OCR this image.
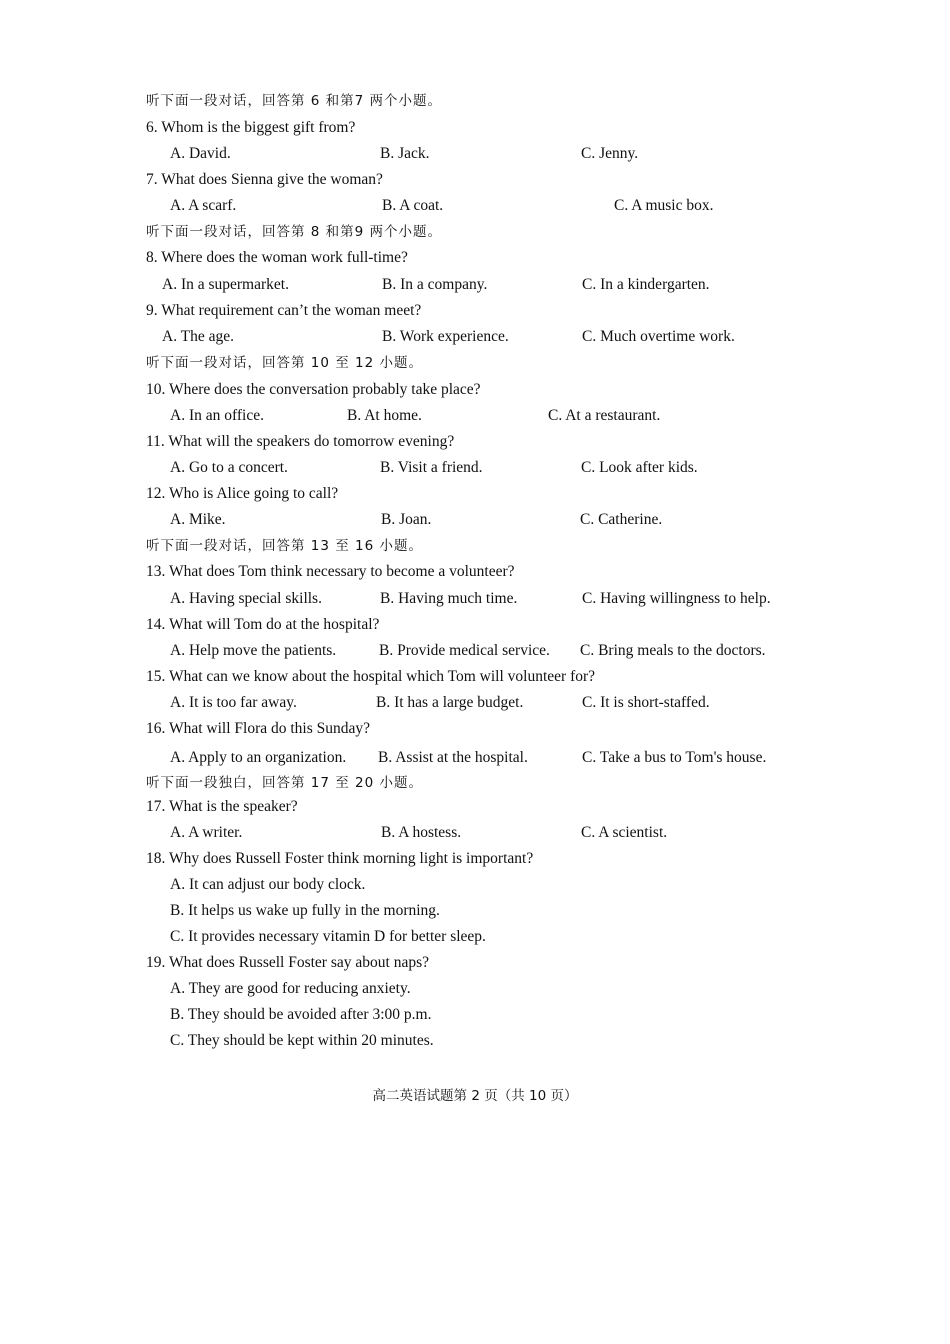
听下面一段对话，回答第 6 和第7 两个小题。
6. Whom is the biggest gift from?
A. David.	B. Jack.	C. Jenny.
7. What does Sienna give the woman?
A. A scarf.	B. A coat.	C. A music box.
听下面一段对话，回答第 8 和第9 两个小题。
8. Where does the woman work full-time?
A. In a supermarket.	B. In a company.	C. In a kindergarten.
9. What requirement can’t the woman meet?
A. The age.	B. Work experience.	C. Much overtime work.
听下面一段对话，回答第 10 至 12 小题。
10. Where does the conversation probably take place?
A. In an office.	B. At home.	C. At a restaurant.
11. What will the speakers do tomorrow evening?
A. Go to a concert.	B. Visit a friend.	C. Look after kids.
12. Who is Alice going to call?
A. Mike.	B. Joan.	C. Catherine.
听下面一段对话，回答第 13 至 16 小题。
13. What does Tom think necessary to become a volunteer?
A. Having special skills.	B. Having much time.	C. Having willingness to help.
14. What will Tom do at the hospital?
A. Help move the patients.	B. Provide medical service. C. Bring meals to the doctors.
15. What can we know about the hospital which Tom will volunteer for?
A. It is too far away.	B. It has a large budget.	C. It is short-staffed.
16. What will Flora do this Sunday?
A. Apply to an organization. B. Assist at the hospital.	C. Take a bus to Tom's house.
听下面一段独白，回答第 17 至 20 小题。
17. What is the speaker?
A. A writer.	B. A hostess.	C. A scientist.
18. Why does Russell Foster think morning light is important?
A. It can adjust our body clock.
B. It helps us wake up fully in the morning.
C. It provides necessary vitamin D for better sleep.
19. What does Russell Foster say about naps?
A. They are good for reducing anxiety.
B. They should be avoided after 3:00 p.m.
C. They should be kept within 20 minutes.
高二英语试题第 2 页（共 10 页）
